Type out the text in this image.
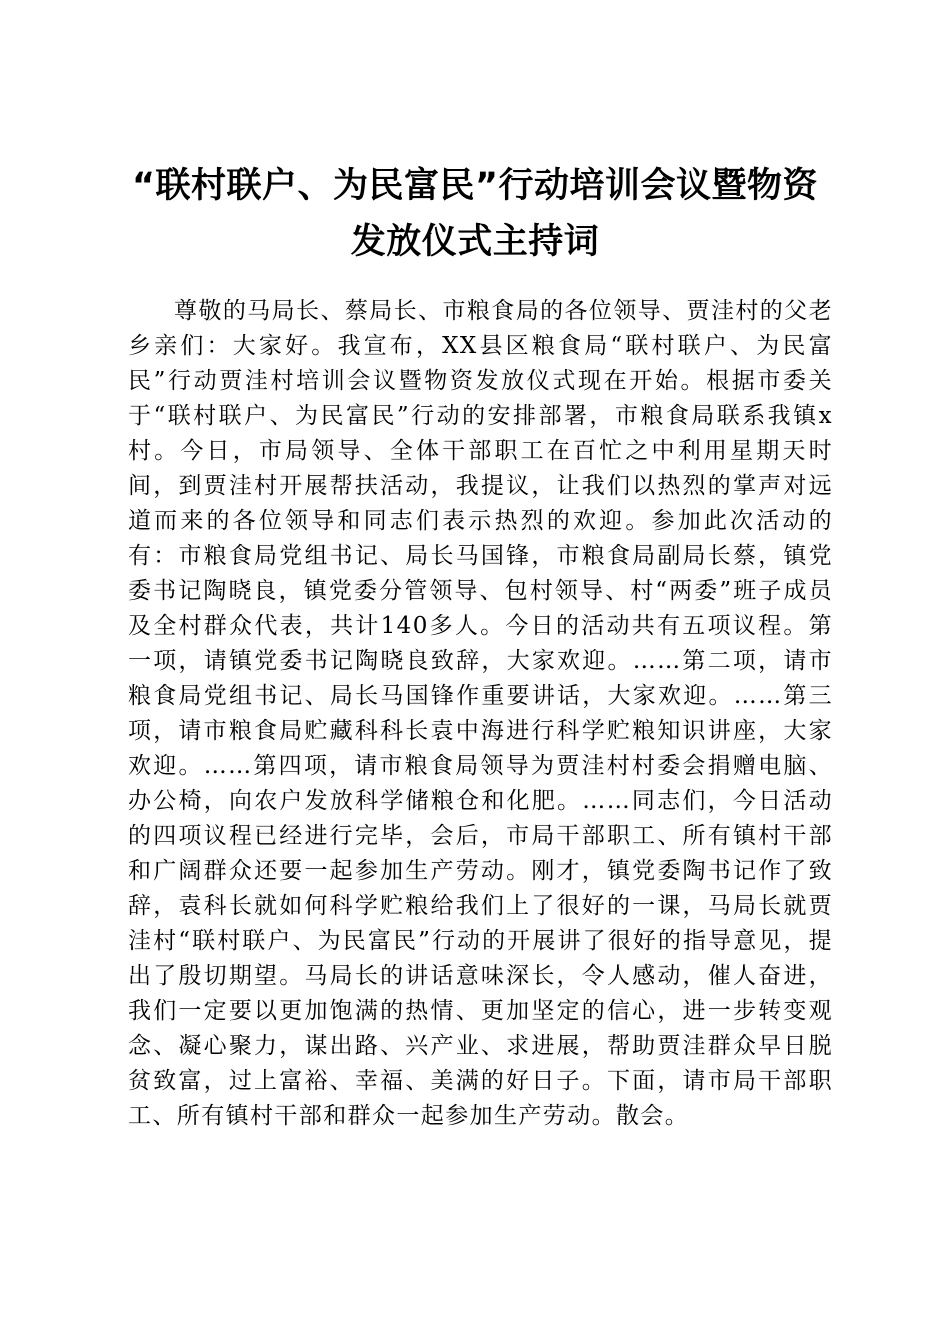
“联村联户、为民富民”行动培训会议暨物资发放仪式主持词

尊敬的马局长、蔡局长、市粮食局的各位领导、贾洼村的父老乡亲们：大家好。我宣布，XX县区粮食局“联村联户、为民富民”行动贾洼村培训会议暨物资发放仪式现在开始。根据市委关于“联村联户、为民富民”行动的安排部署，市粮食局联系我镇x村。今日，市局领导、全体干部职工在百忙之中利用星期天时间，到贾洼村开展帮扶活动，我提议，让我们以热烈的掌声对远道而来的各位领导和同志们表示热烈的欢迎。参加此次活动的有：市粮食局党组书记、局长马国锋，市粮食局副局长蔡，镇党委书记陶晓良，镇党委分管领导、包村领导、村“两委”班子成员及全村群众代表，共计140多人。今日的活动共有五项议程。第一项，请镇党委书记陶晓良致辞，大家欢迎。……第二项，请市粮食局党组书记、局长马国锋作重要讲话，大家欢迎。……第三项，请市粮食局贮藏科科长袁中海进行科学贮粮知识讲座，大家欢迎。……第四项，请市粮食局领导为贾洼村村委会捐赠电脑、办公椅，向农户发放科学储粮仓和化肥。……同志们，今日活动的四项议程已经进行完毕，会后，市局干部职工、所有镇村干部和广阔群众还要一起参加生产劳动。刚才，镇党委陶书记作了致辞，袁科长就如何科学贮粮给我们上了很好的一课，马局长就贾洼村“联村联户、为民富民”行动的开展讲了很好的指导意见，提出了殷切期望。马局长的讲话意味深长，令人感动，催人奋进，我们一定要以更加饱满的热情、更加坚定的信心，进一步转变观念、凝心聚力，谋出路、兴产业、求进展，帮助贾洼群众早日脱贫致富，过上富裕、幸福、美满的好日子。下面，请市局干部职工、所有镇村干部和群众一起参加生产劳动。散会。
